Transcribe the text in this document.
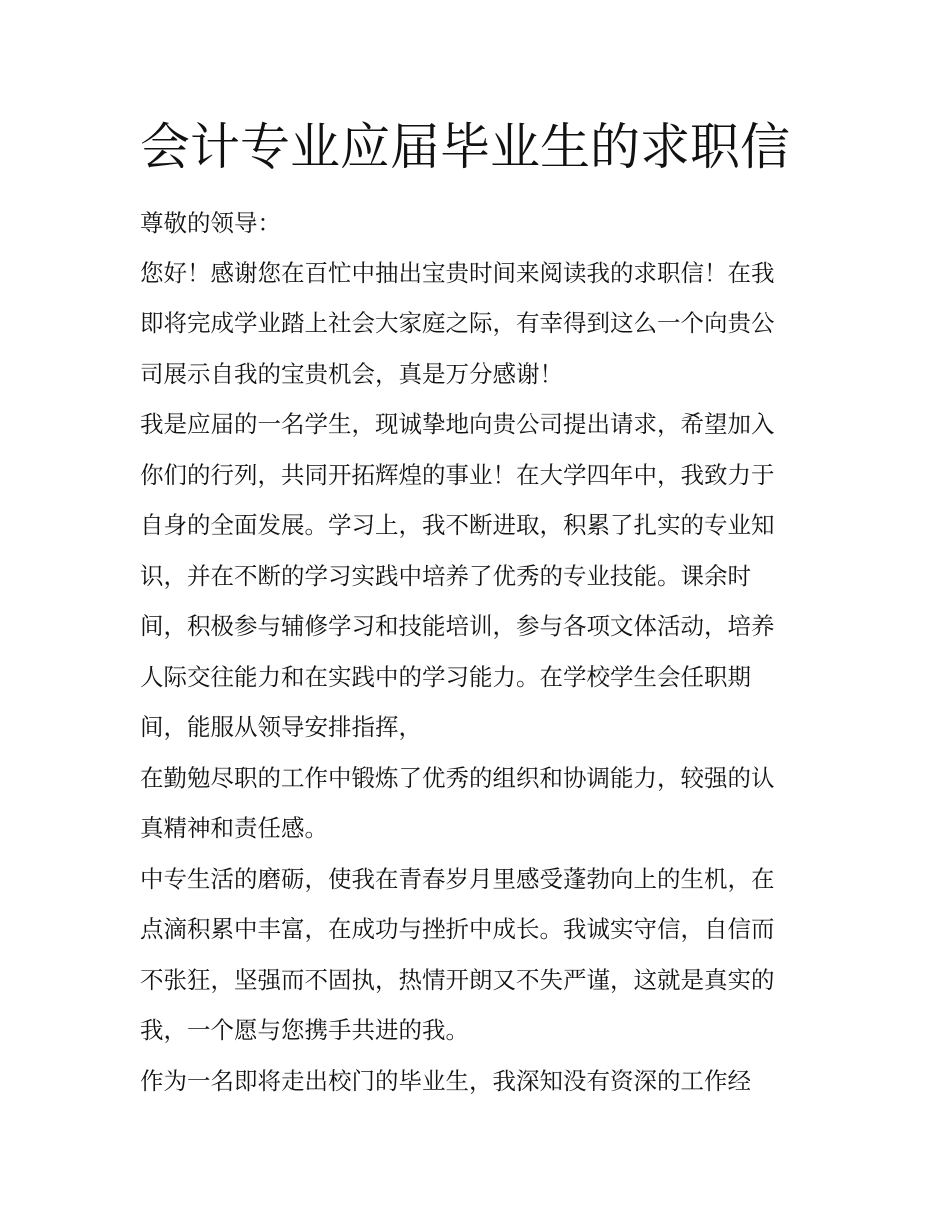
会计专业应届毕业生的求职信

尊敬的领导：

您好！感谢您在百忙中抽出宝贵时间来阅读我的求职信！在我

即将完成学业踏上社会大家庭之际，有幸得到这么一个向贵公

司展示自我的宝贵机会，真是万分感谢！

我是应届的一名学生，现诚挚地向贵公司提出请求，希望加入

你们的行列，共同开拓辉煌的事业！在大学四年中，我致力于

自身的全面发展。学习上，我不断进取，积累了扎实的专业知

识，并在不断的学习实践中培养了优秀的专业技能。课余时

间，积极参与辅修学习和技能培训，参与各项文体活动，培养

人际交往能力和在实践中的学习能力。在学校学生会任职期

间，能服从领导安排指挥，

在勤勉尽职的工作中锻炼了优秀的组织和协调能力，较强的认

真精神和责任感。

中专生活的磨砺，使我在青春岁月里感受蓬勃向上的生机，在

点滴积累中丰富，在成功与挫折中成长。我诚实守信，自信而

不张狂，坚强而不固执，热情开朗又不失严谨，这就是真实的

我，一个愿与您携手共进的我。

作为一名即将走出校门的毕业生，我深知没有资深的工作经
